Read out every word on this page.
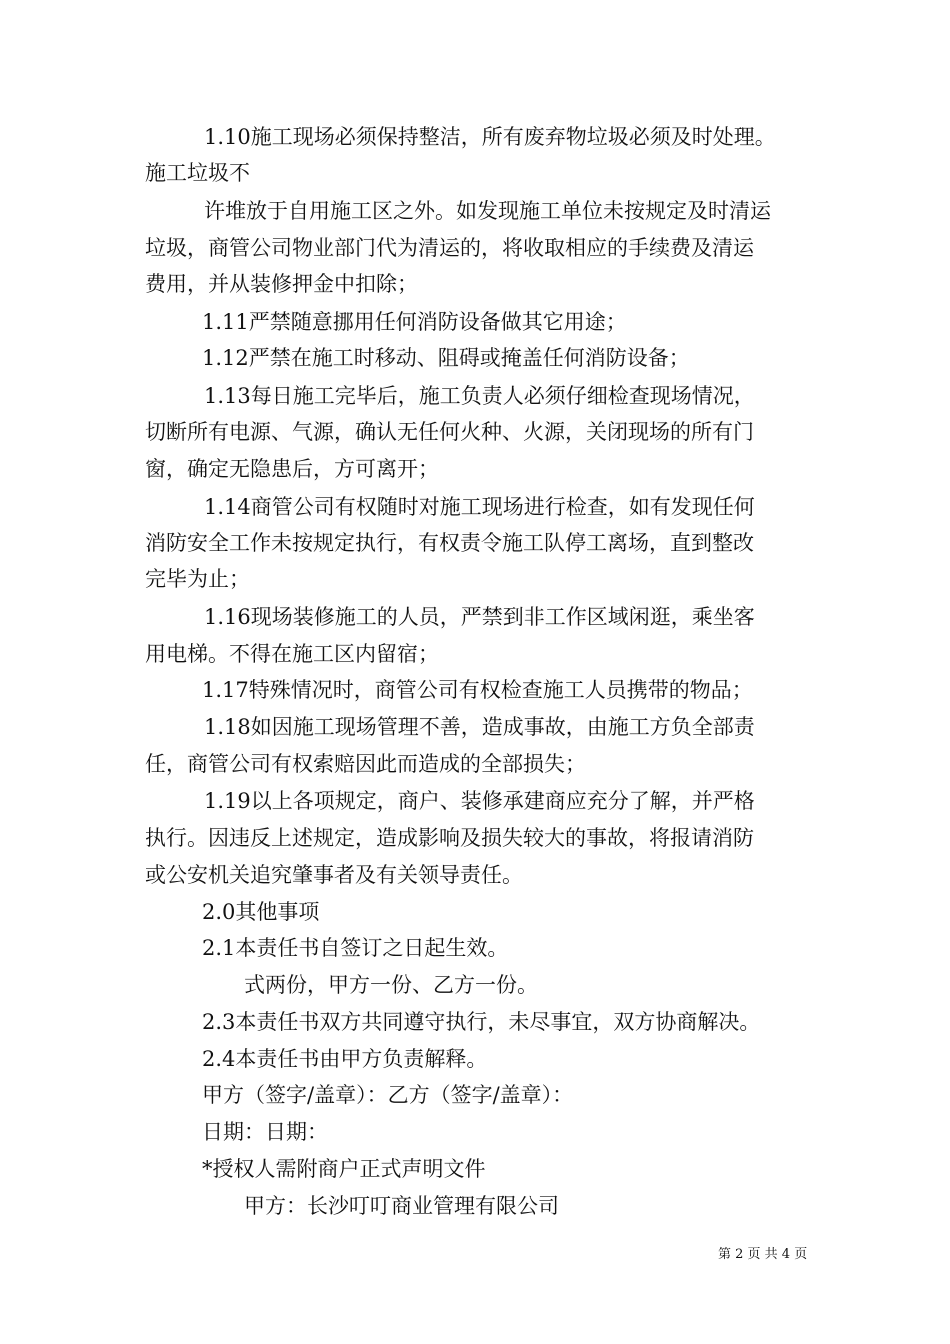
1.10施工现场必须保持整洁，所有废弃物垃圾必须及时处理。
施工垃圾不
许堆放于自用施工区之外。如发现施工单位未按规定及时清运
垃圾，商管公司物业部门代为清运的，将收取相应的手续费及清运
费用，并从装修押金中扣除；
1.11严禁随意挪用任何消防设备做其它用途；
1.12严禁在施工时移动、阻碍或掩盖任何消防设备；
1.13每日施工完毕后，施工负责人必须仔细检查现场情况，
切断所有电源、气源，确认无任何火种、火源，关闭现场的所有门
窗，确定无隐患后，方可离开；
1.14商管公司有权随时对施工现场进行检查，如有发现任何
消防安全工作未按规定执行，有权责令施工队停工离场，直到整改
完毕为止；
1.16现场装修施工的人员，严禁到非工作区域闲逛，乘坐客
用电梯。不得在施工区内留宿；
1.17特殊情况时，商管公司有权检查施工人员携带的物品；
1.18如因施工现场管理不善，造成事故，由施工方负全部责
任，商管公司有权索赔因此而造成的全部损失；
1.19以上各项规定，商户、装修承建商应充分了解，并严格
执行。因违反上述规定，造成影响及损失较大的事故，将报请消防
或公安机关追究肇事者及有关领导责任。
2.0其他事项
2.1本责任书自签订之日起生效。
式两份，甲方一份、乙方一份。
2.3本责任书双方共同遵守执行，未尽事宜，双方协商解决。
2.4本责任书由甲方负责解释。
甲方（签字/盖章）：乙方（签字/盖章）：
日期：日期：
*授权人需附商户正式声明文件
甲方：长沙叮叮商业管理有限公司
第 2 页 共 4 页
